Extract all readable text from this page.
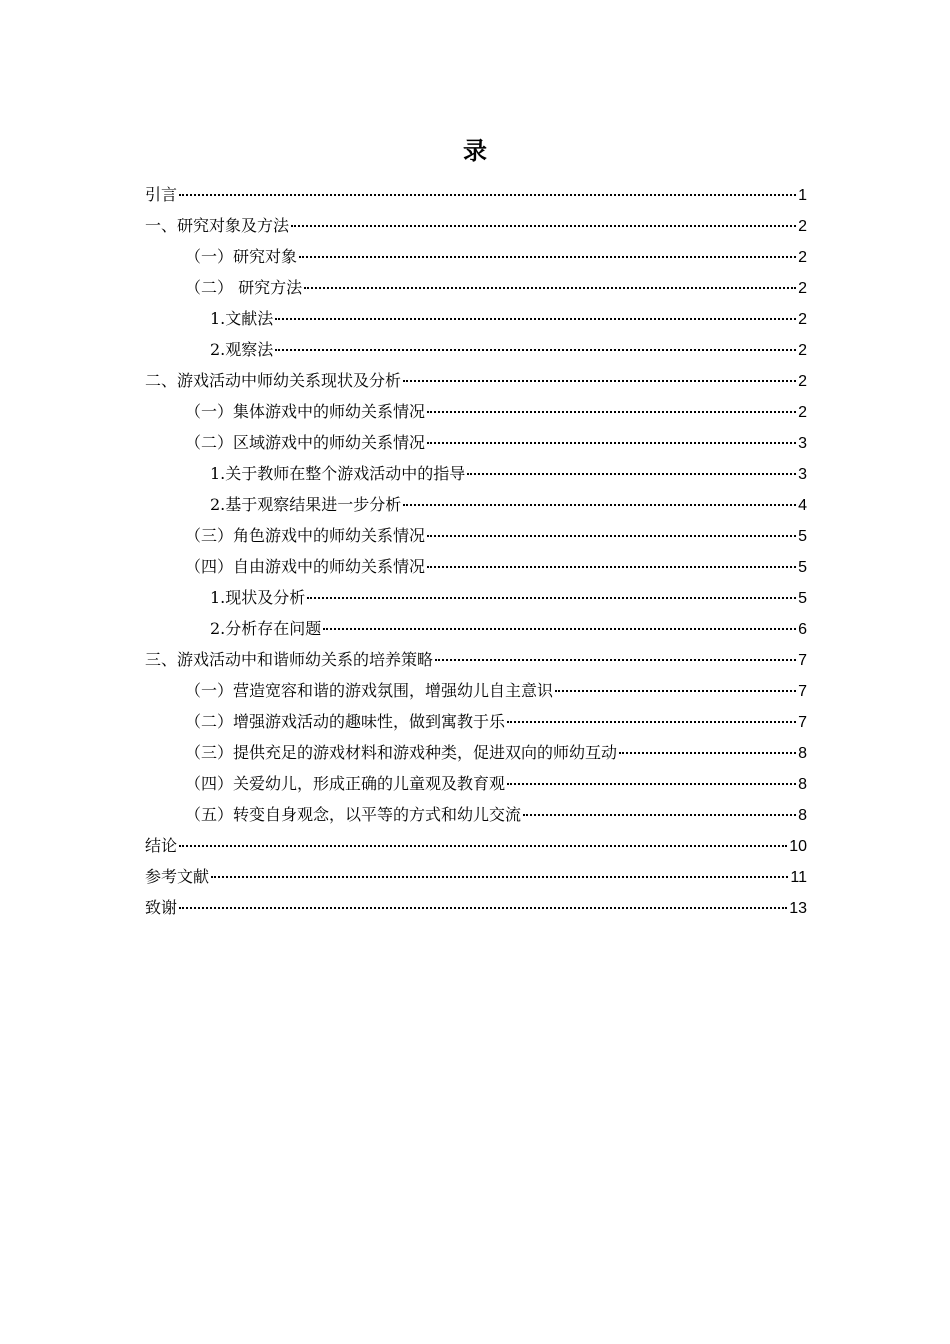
录
引言	1
一、研究对象及方法	2
（一）研究对象	2
（二） 研究方法	2
1.文献法	2
2.观察法	2
二、游戏活动中师幼关系现状及分析	2
（一）集体游戏中的师幼关系情况	2
（二）区域游戏中的师幼关系情况	3
1.关于教师在整个游戏活动中的指导	3
2.基于观察结果进一步分析	4
（三）角色游戏中的师幼关系情况	5
（四）自由游戏中的师幼关系情况	5
1.现状及分析	5
2.分析存在问题	6
三、游戏活动中和谐师幼关系的培养策略	7
（一）营造宽容和谐的游戏氛围，增强幼儿自主意识	7
（二）增强游戏活动的趣味性，做到寓教于乐	7
（三）提供充足的游戏材料和游戏种类，促进双向的师幼互动	8
（四）关爱幼儿，形成正确的儿童观及教育观	8
（五）转变自身观念，以平等的方式和幼儿交流	8
结论	10
参考文献	11
致谢	13
